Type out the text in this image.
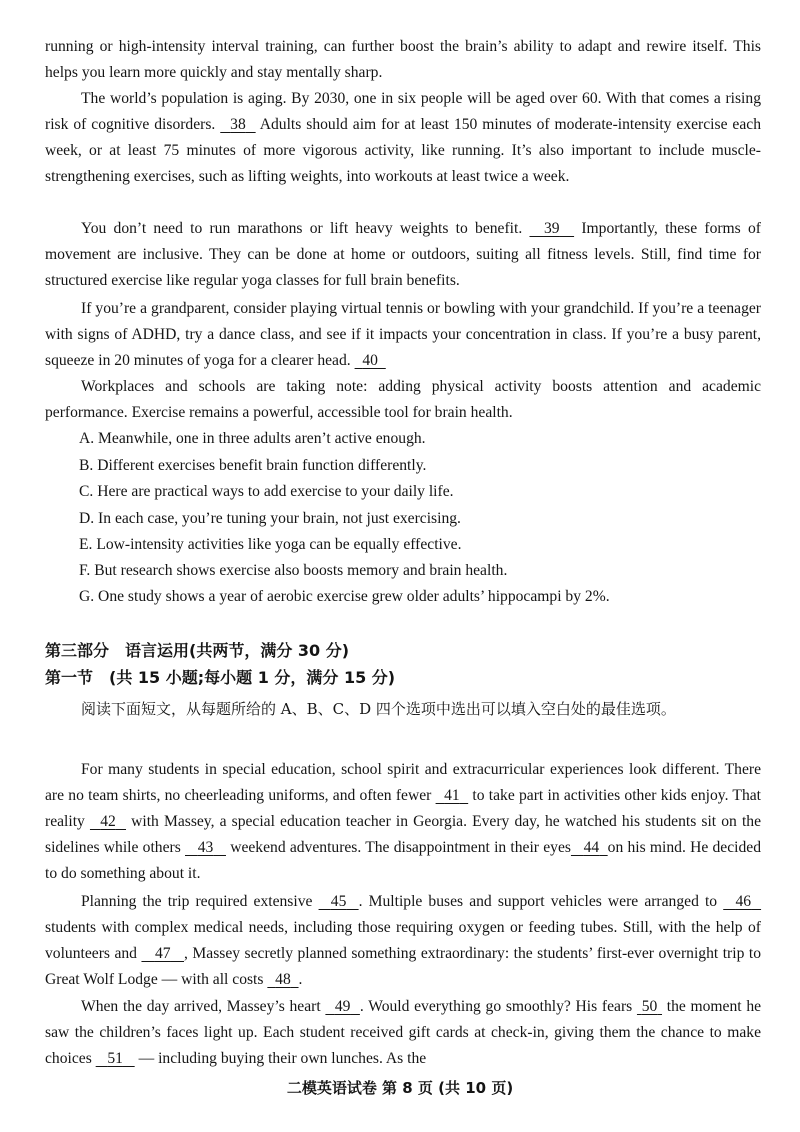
running or high-intensity interval training, can further boost the brain’s ability to adapt and rewire itself. This helps you learn more quickly and stay mentally sharp.

The world’s population is aging. By 2030, one in six people will be aged over 60. With that comes a rising risk of cognitive disorders.   38   Adults should aim for at least 150 minutes of moderate-intensity exercise each week, or at least 75 minutes of more vigorous activity, like running. It’s also important to include muscle-strengthening exercises, such as lifting weights, into workouts at least twice a week.

You don’t need to run marathons or lift heavy weights to benefit.   39   Importantly, these forms of movement are inclusive. They can be done at home or outdoors, suiting all fitness levels. Still, find time for structured exercise like regular yoga classes for full brain benefits.

If you’re a grandparent, consider playing virtual tennis or bowling with your grandchild. If you’re a teenager with signs of ADHD, try a dance class, and see if it impacts your concentration in class. If you’re a busy parent, squeeze in 20 minutes of yoga for a clearer head.   40

Workplaces and schools are taking note: adding physical activity boosts attention and academic performance. Exercise remains a powerful, accessible tool for brain health.

A. Meanwhile, one in three adults aren’t active enough.
B. Different exercises benefit brain function differently.
C. Here are practical ways to add exercise to your daily life.
D. In each case, you’re tuning your brain, not just exercising.
E. Low-intensity activities like yoga can be equally effective.
F. But research shows exercise also boosts memory and brain health.
G. One study shows a year of aerobic exercise grew older adults’ hippocampi by 2%.
第三部分　语言运用(共两节，满分 30 分)
第一节　(共 15 小题;每小题 1 分，满分 15 分)

阅读下面短文，从每题所给的 A、B、C、D 四个选项中选出可以填入空白处的最佳选项。

For many students in special education, school spirit and extracurricular experiences look different. There are no team shirts, no cheerleading uniforms, and often fewer   41   to take part in activities other kids enjoy. That reality   42   with Massey, a special education teacher in Georgia. Every day, he watched his students sit on the sidelines while others    43    weekend adventures. The disappointment in their eyes 44 on his mind. He decided to do something about it.

Planning the trip required extensive   45 . Multiple buses and support vehicles were arranged to   46   students with complex medical needs, including those requiring oxygen or feeding tubes. Still, with the help of volunteers and    47 , Massey secretly planned something extraordinary: the students’ first-ever overnight trip to Great Wolf Lodge — with all costs   48 .

When the day arrived, Massey’s heart   49 . Would everything go smoothly? His fears  50  the moment he saw the children’s faces light up. Each student received gift cards at check-in, giving them the chance to make choices    51    — including buying their own lunches. As the

二模英语试卷 第 8 页 (共 10 页)
